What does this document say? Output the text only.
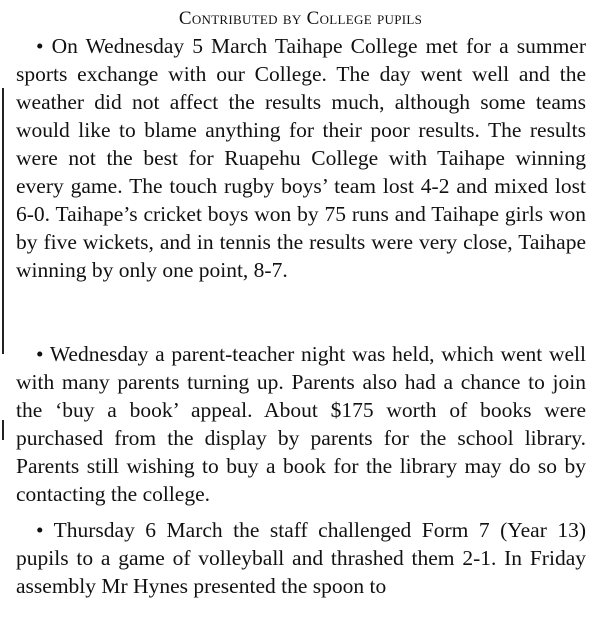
Contributed by College pupils

• On Wednesday 5 March Taihape College met for a summer sports exchange with our College. The day went well and the weather did not affect the results much, although some teams would like to blame anything for their poor results. The results were not the best for Ruapehu College with Taihape winning every game. The touch rugby boys’ team lost 4-2 and mixed lost 6-0. Taihape’s cricket boys won by 75 runs and Taihape girls won by five wickets, and in tennis the results were very close, Taihape winning by only one point, 8-7.

• Wednesday a parent-teacher night was held, which went well with many parents turning up. Parents also had a chance to join the ‘buy a book’ appeal. About $175 worth of books were purchased from the display by parents for the school library. Parents still wishing to buy a book for the library may do so by contacting the college.

• Thursday 6 March the staff challenged Form 7 (Year 13) pupils to a game of volleyball and thrashed them 2-1. In Friday assembly Mr Hynes presented the spoon to
